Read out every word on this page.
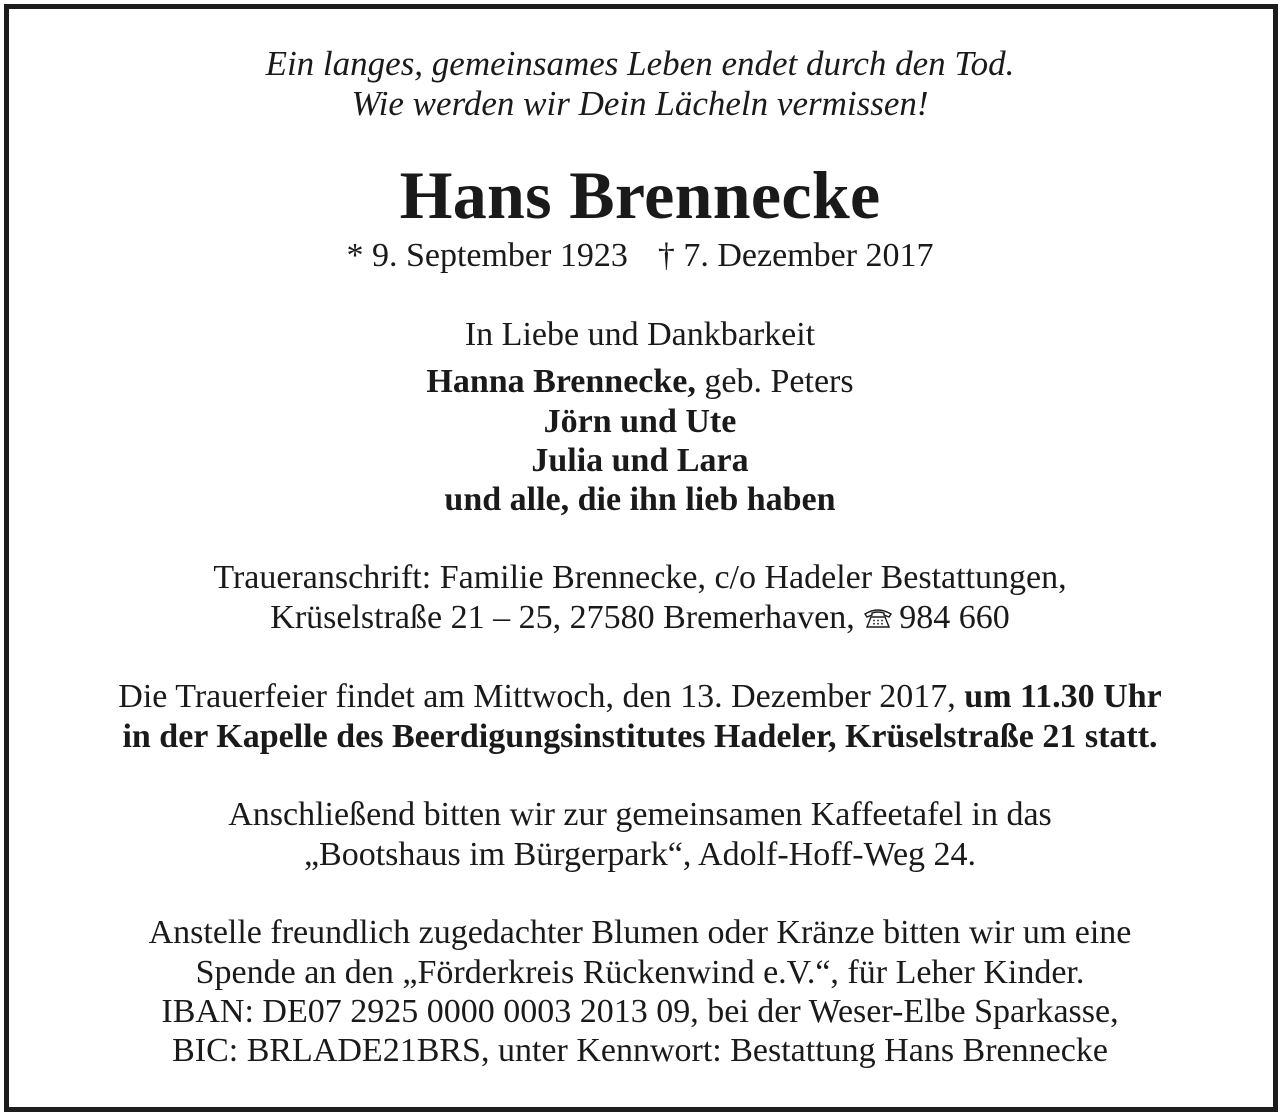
Ein langes, gemeinsames Leben endet durch den Tod.
Wie werden wir Dein Lächeln vermissen!
Hans Brennecke
* 9. September 1923 † 7. Dezember 2017
In Liebe und Dankbarkeit
Hanna Brennecke, geb. Peters
Jörn und Ute
Julia und Lara
und alle, die ihn lieb haben
Traueranschrift: Familie Brennecke, c/o Hadeler Bestattungen,
Krüselstraße 21 – 25, 27580 Bremerhaven, 984 660
Die Trauerfeier findet am Mittwoch, den 13. Dezember 2017, um 11.30 Uhr
in der Kapelle des Beerdigungsinstitutes Hadeler, Krüselstraße 21 statt.
Anschließend bitten wir zur gemeinsamen Kaffeetafel in das
„Bootshaus im Bürgerpark“, Adolf-Hoff-Weg 24.
Anstelle freundlich zugedachter Blumen oder Kränze bitten wir um eine
Spende an den „Förderkreis Rückenwind e.V.“, für Leher Kinder.
IBAN: DE07 2925 0000 0003 2013 09, bei der Weser-Elbe Sparkasse,
BIC: BRLADE21BRS, unter Kennwort: Bestattung Hans Brennecke
